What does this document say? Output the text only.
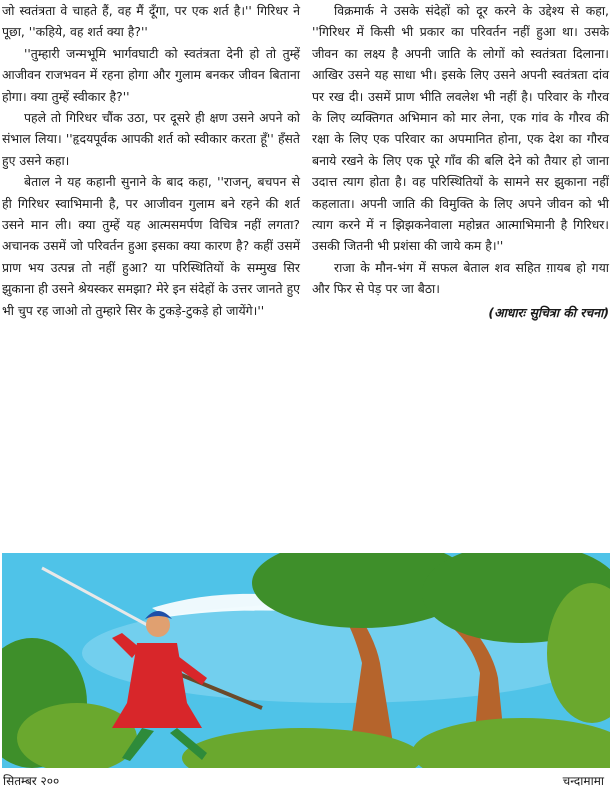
जो स्वतंत्रता वे चाहते हैं, वह मैं दूँगा, पर एक शर्त है।'' गिरिधर ने पूछा, ''कहिये, वह शर्त क्या है?''

''तुम्हारी जन्मभूमि भार्गवघाटी को स्वतंत्रता देनी हो तो तुम्हें आजीवन राजभवन में रहना होगा और गुलाम बनकर जीवन बिताना होगा। क्या तुम्हें स्वीकार है?''

पहले तो गिरिधर चौंक उठा, पर दूसरे ही क्षण उसने अपने को संभाल लिया। ''हृदयपूर्वक आपकी शर्त को स्वीकार करता हूँ'' हँसते हुए उसने कहा।

बेताल ने यह कहानी सुनाने के बाद कहा, ''राजन्, बचपन से ही गिरिधर स्वाभिमानी है, पर आजीवन गुलाम बने रहने की शर्त उसने मान ली। क्या तुम्हें यह आत्मसमर्पण विचित्र नहीं लगता? अचानक उसमें जो परिवर्तन हुआ इसका क्या कारण है? कहीं उसमें प्राण भय उत्पन्न तो नहीं हुआ? या परिस्थितियों के सम्मुख सिर झुकाना ही उसने श्रेयस्कर समझा? मेरे इन संदेहों के उत्तर जानते हुए भी चुप रह जाओ तो तुम्हारे सिर के टुकड़े-टुकड़े हो जायेंगे।''

विक्रमार्क ने उसके संदेहों को दूर करने के उद्देश्य से कहा, ''गिरिधर में किसी भी प्रकार का परिवर्तन नहीं हुआ था। उसके जीवन का लक्ष्य है अपनी जाति के लोगों को स्वतंत्रता दिलाना। आखिर उसने यह साधा भी। इसके लिए उसने अपनी स्वतंत्रता दांव पर रख दी। उसमें प्राण भीति लवलेश भी नहीं है। परिवार के गौरव के लिए व्यक्तिगत अभिमान को मार लेना, एक गांव के गौरव की रक्षा के लिए एक परिवार का अपमानित होना, एक देश का गौरव बनाये रखने के लिए एक पूरे गाँव की बलि देने को तैयार हो जाना उदात्त त्याग होता है। वह परिस्थितियों के सामने सर झुकाना नहीं कहलाता। अपनी जाति की विमुक्ति के लिए अपने जीवन को भी त्याग करने में न झिझकनेवाला महोन्नत आत्माभिमानी है गिरिधर। उसकी जितनी भी प्रशंसा की जाये कम है।''

राजा के मौन-भंग में सफल बेताल शव सहित ग़ायब हो गया और फिर से पेड़ पर जा बैठा।

(आधारः सुचित्रा की रचना)

सितम्बर २००	चन्दामामा
